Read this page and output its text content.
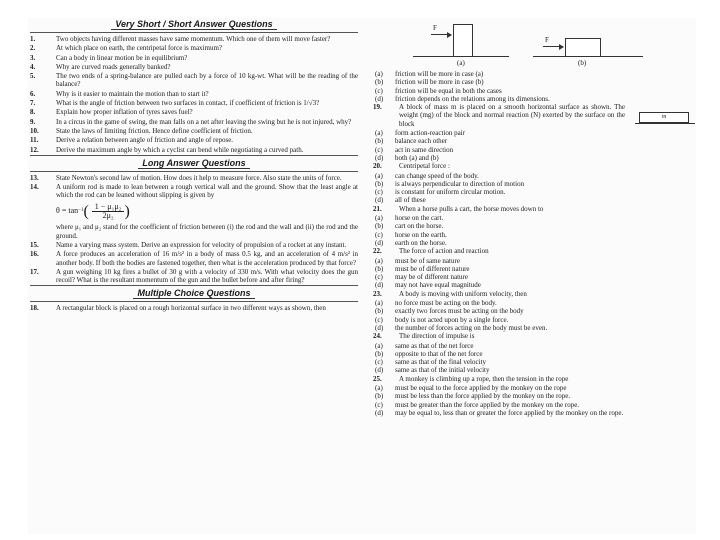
Very Short / Short Answer Questions
1.	Two objects having different masses have same momentum. Which one of them will move faster?
2.	At which place on earth, the centripetal force is maximum?
3.	Can a body in linear motion be in equilibrium?
4.	Why are curved roads generally banked?
5.	The two ends of a spring-balance are pulled each by a force of 10 kg-wt. What will be the reading of the balance?
6.	Why is it easier to maintain the motion than to start it?
7.	What is the angle of friction between two surfaces in contact, if coefficient of friction is 1/√3?
8.	Explain how proper inflation of tyres saves fuel?
9.	In a circus in the game of swing, the man falls on a net after leaving the swing but he is not injured, why?
10.	State the laws of limiting friction. Hence define coefficient of friction.
11.	Derive a relation between angle of friction and angle of repose.
12.	Derive the maximum angle by which a cyclist can bend while negotiating a curved path.
Long Answer Questions
13.	State Newton's second law of motion. How does it help to measure force. Also state the units of force.
14.	A uniform rod is made to lean between a rough vertical wall and the ground. Show that the least angle at which the rod can be leaned without slipping is given by
θ = tan −1 ( $\frac{\text{1 − μ₁μ₂}}{\text{2μ₂}}$ )
where μ₁ and μ₂ stand for the coefficient of friction between (i) the rod and the wall and (ii) the rod and the ground.
15.	Name a varying mass system. Derive an expression for velocity of propulsion of a rocket at any instant.
16.	A force produces an acceleration of 16 m/s² in a body of mass 0.5 kg, and an acceleration of 4 m/s² in another body. If both the bodies are fastened together, then what is the acceleration produced by that force?
17.	A gun weighing 10 kg fires a bullet of 30 g with a velocity of 330 m/s. With what velocity does the gun recoil? What is the resultant momentum of the gun and the bullet before and after firing?
Multiple Choice Questions
18.	A rectangular block is placed on a rough horizontal surface in two different ways as shown, then
F
(a)
F
(b)
(a)	friction will be more in case (a)
(b)	friction will be more in case (b)
(c)	friction will be equal in both the cases
(d)	friction depends on the relations among its dimensions.
19.	A block of mass m is placed on a smooth horizontal surface as shown. The weight (mg) of the block and normal reaction (N) exerted by the surface on the block
m
(a)	form action-reaction pair
(b)	balance each other
(c)	act in same direction
(d)	both (a) and (b)
20.	Centripetal force :
(a)	can change speed of the body.
(b)	is always perpendicular to direction of motion
(c)	is constant for uniform circular motion.
(d)	all of these
21.	When a horse pulls a cart, the horse moves down to
(a)	horse on the cart.
(b)	cart on the horse.
(c)	horse on the earth.
(d)	earth on the horse.
22.	The force of action and reaction
(a)	must be of same nature
(b)	must be of different nature
(c)	may be of different nature
(d)	may not have equal magnitude
23.	A body is moving with uniform velocity, then
(a)	no force must be acting on the body.
(b)	exactly two forces must be acting on the body
(c)	body is not acted upon by a single force.
(d)	the number of forces acting on the body must be even.
24.	The direction of impulse is
(a)	same as that of the net force
(b)	opposite to that of the net force
(c)	same as that of the final velocity
(d)	same as that of the initial velocity
25.	A monkey is climbing up a rope, then the tension in the rope
(a)	must be equal to the force applied by the monkey on the rope
(b)	must be less than the force applied by the monkey on the rope.
(c)	must be greater than the force applied by the monkey on the rope.
(d)	may be equal to, less than or greater the force applied by the monkey on the rope.
